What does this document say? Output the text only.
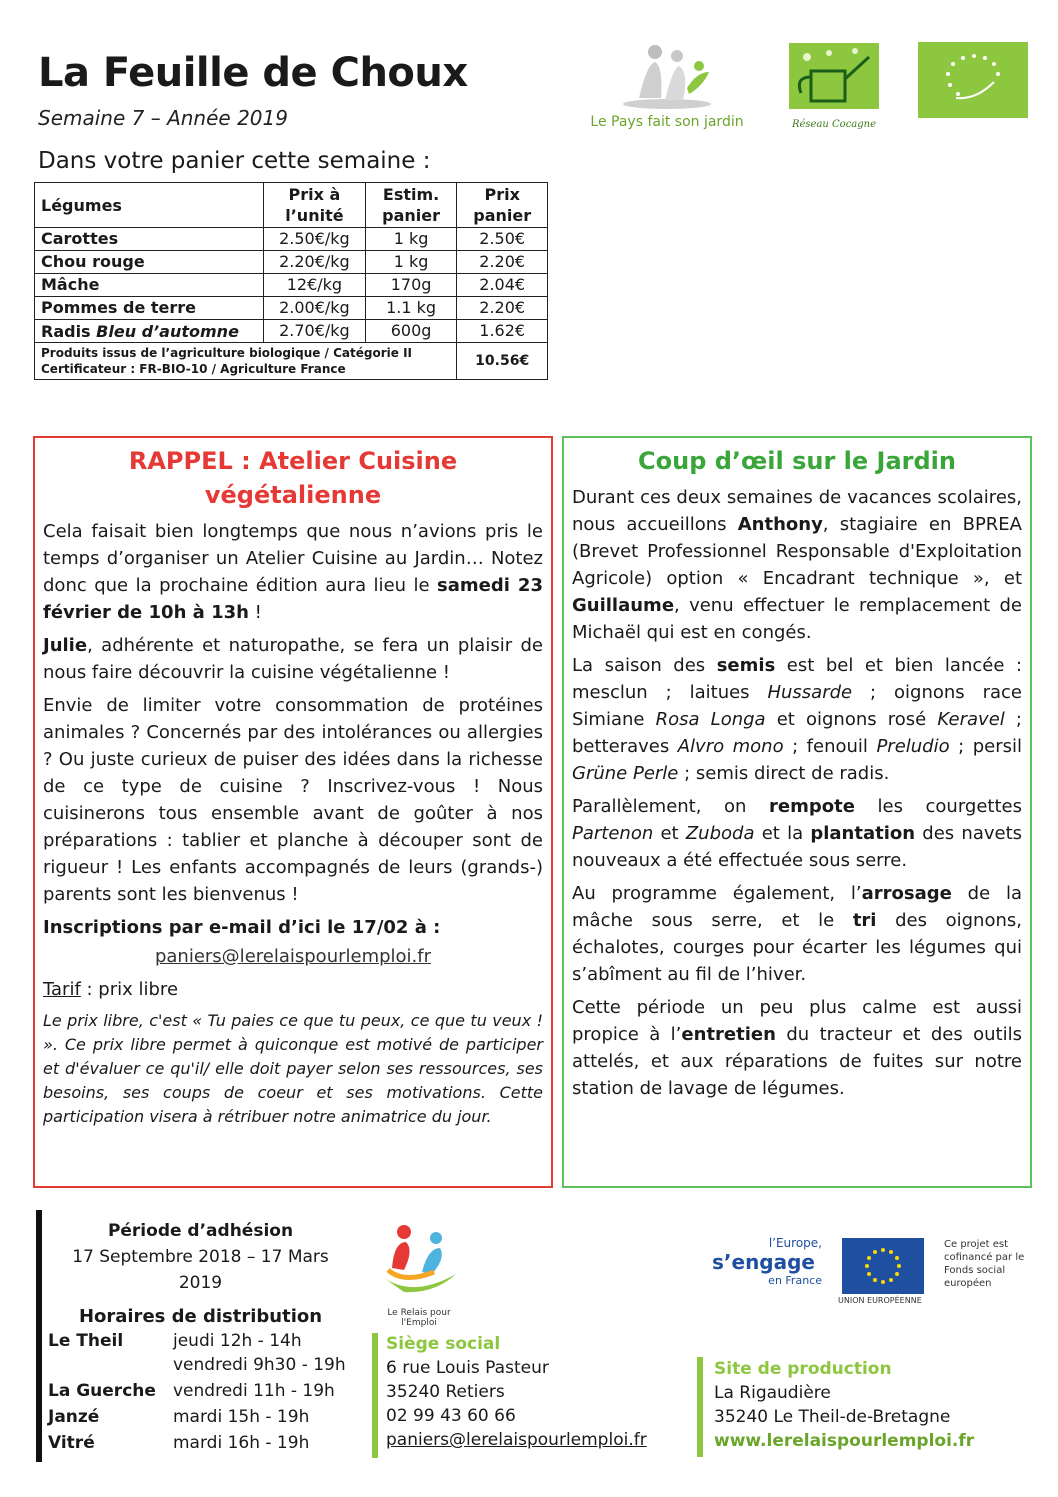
La Feuille de Choux
Semaine 7 – Année 2019
Dans votre panier cette semaine :
Le Pays fait son jardin	Réseau Cocagne
Légumes	Prix à l’unité	Estim. panier	Prix panier
Carottes	2.50€/kg	1 kg	2.50€
Chou rouge	2.20€/kg	1 kg	2.20€
Mâche	12€/kg	170g	2.04€
Pommes de terre	2.00€/kg	1.1 kg	2.20€
Radis Bleu d’automne	2.70€/kg	600g	1.62€

Produits issus de l’agriculture biologique / Catégorie II
Certificateur : FR-BIO-10 / Agriculture France			10.56€
RAPPEL : Atelier Cuisine végétalienne

Cela faisait bien longtemps que nous n’avions pris le temps d’organiser un Atelier Cuisine au Jardin… Notez donc que la prochaine édition aura lieu le samedi 23 février de 10h à 13h !

Julie, adhérente et naturopathe, se fera un plaisir de nous faire découvrir la cuisine végétalienne !

Envie de limiter votre consommation de protéines animales ? Concernés par des intolérances ou allergies ? Ou juste curieux de puiser des idées dans la richesse de ce type de cuisine ? Inscrivez-vous ! Nous cuisinerons tous ensemble avant de goûter à nos préparations : tablier et planche à découper sont de rigueur ! Les enfants accompagnés de leurs (grands-) parents sont les bienvenus !

Inscriptions par e-mail d’ici le 17/02 à :

paniers@lerelaispourlemploi.fr

Tarif : prix libre

Le prix libre, c'est « Tu paies ce que tu peux, ce que tu veux ! ». Ce prix libre permet à quiconque est motivé de participer et d'évaluer ce qu'il/ elle doit payer selon ses ressources, ses besoins, ses coups de coeur et ses motivations. Cette participation visera à rétribuer notre animatrice du jour.

Coup d’œil sur le Jardin

Durant ces deux semaines de vacances scolaires, nous accueillons Anthony, stagiaire en BPREA (Brevet Professionnel Responsable d'Exploitation Agricole) option « Encadrant technique », et Guillaume, venu effectuer le remplacement de Michaël qui est en congés.

La saison des semis est bel et bien lancée : mesclun ; laitues Hussarde ; oignons race Simiane Rosa Longa et oignons rosé Keravel ; betteraves Alvro mono ; fenouil Preludio ; persil Grüne Perle ; semis direct de radis.

Parallèlement, on rempote les courgettes Partenon et Zuboda et la plantation des navets nouveaux a été effectuée sous serre.

Au programme également, l’arrosage de la mâche sous serre, et le tri des oignons, échalotes, courges pour écarter les légumes qui s’abîment au fil de l’hiver.

Cette période un peu plus calme est aussi propice à l’entretien du tracteur et des outils attelés, et aux réparations de fuites sur notre station de lavage de légumes.

Période d’adhésion
17 Septembre 2018 – 17 Mars 2019
Horaires de distribution
Le Theil	jeudi 12h - 14h
vendredi 9h30 - 19h
La Guerche	vendredi 11h - 19h
Janzé	mardi 15h - 19h
Vitré	mardi 16h - 19h
Le Relais pour l'Emploi
Siège social
6 rue Louis Pasteur
35240 Retiers
02 99 43 60 66
paniers@lerelaispourlemploi.fr
Site de production
La Rigaudière
35240 Le Theil-de-Bretagne
www.lerelaispourlemploi.fr
l’Europe,
s’engage
en France
UNION EUROPÉENNE
Ce projet est cofinancé par le Fonds social européen
